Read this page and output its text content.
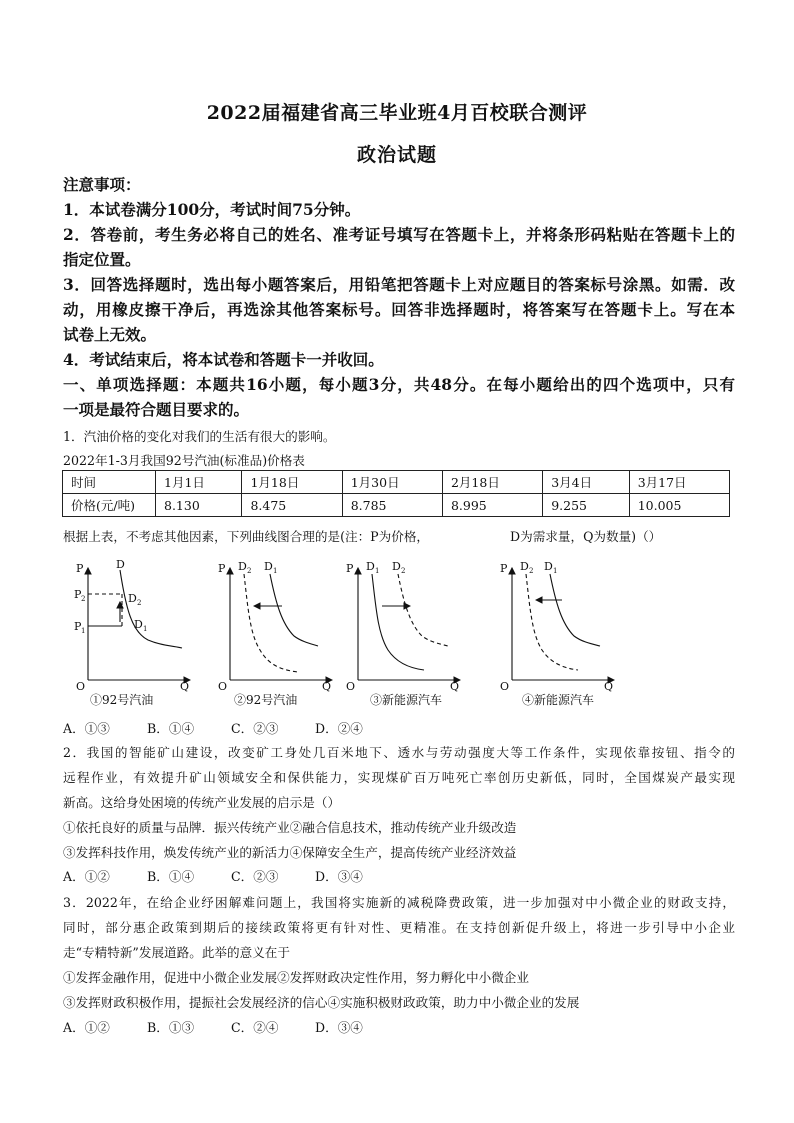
2022届福建省高三毕业班4月百校联合测评
政治试题
注意事项：
1．本试卷满分100分，考试时间75分钟。
2．答卷前，考生务必将自己的姓名、准考证号填写在答题卡上，并将条形码粘贴在答题卡上的
指定位置。
3．回答选择题时，选出每小题答案后，用铅笔把答题卡上对应题目的答案标号涂黑。如需．改
动，用橡皮擦干净后，再选涂其他答案标号。回答非选择题时，将答案写在答题卡上。写在本
试卷上无效。
4．考试结束后，将本试卷和答题卡一并收回。
一、单项选择题：本题共16小题，每小题3分，共48分。在每小题给出的四个选项中，只有
一项是最符合题目要求的。
1．汽油价格的变化对我们的生活有很大的影响。
2022年1-3月我国92号汽油(标准品)价格表
时间	1月1日	1月18日	1月30日	2月18日	3月4日	3月17日
价格(元/吨)	8.130	8.475	8.785	8.995	9.255	10.005
根据上表，不考虑其他因素，下列曲线图合理的是(注：P为价格，	D为需求量，Q为数量)（）
P
Q
O
D
D 2
D 1
P 2
P 1
P
Q
O
D 2 D 1	P
Q
O
D 1 D 2	P
Q
O
D 2 D 1
①92号汽油	②92号汽油	③新能源汽车	④新能源汽车
A．①③	B．①④	C．②③	D．②④
2．我国的智能矿山建设，改变矿工身处几百米地下、透水与劳动强度大等工作条件，实现依靠按钮、指令的
远程作业，有效提升矿山领域安全和保供能力，实现煤矿百万吨死亡率创历史新低，同时，全国煤炭产最实现
新高。这给身处困境的传统产业发展的启示是（）
①依托良好的质量与品牌．振兴传统产业②融合信息技术，推动传统产业升级改造
③发挥科技作用，焕发传统产业的新活力④保障安全生产，提高传统产业经济效益
A．①②	B．①④	C．②③	D．③④
3．2022年，在给企业纾困解难问题上，我国将实施新的减税降费政策，进一步加强对中小微企业的财政支持，
同时，部分惠企政策到期后的接续政策将更有针对性、更精准。在支持创新促升级上，将进一步引导中小企业
走“专精特新”发展道路。此举的意义在于
①发挥金融作用，促进中小微企业发展②发挥财政决定性作用，努力孵化中小微企业
③发挥财政积极作用，提振社会发展经济的信心④实施积极财政政策，助力中小微企业的发展
A．①②	B．①③	C．②④	D．③④
